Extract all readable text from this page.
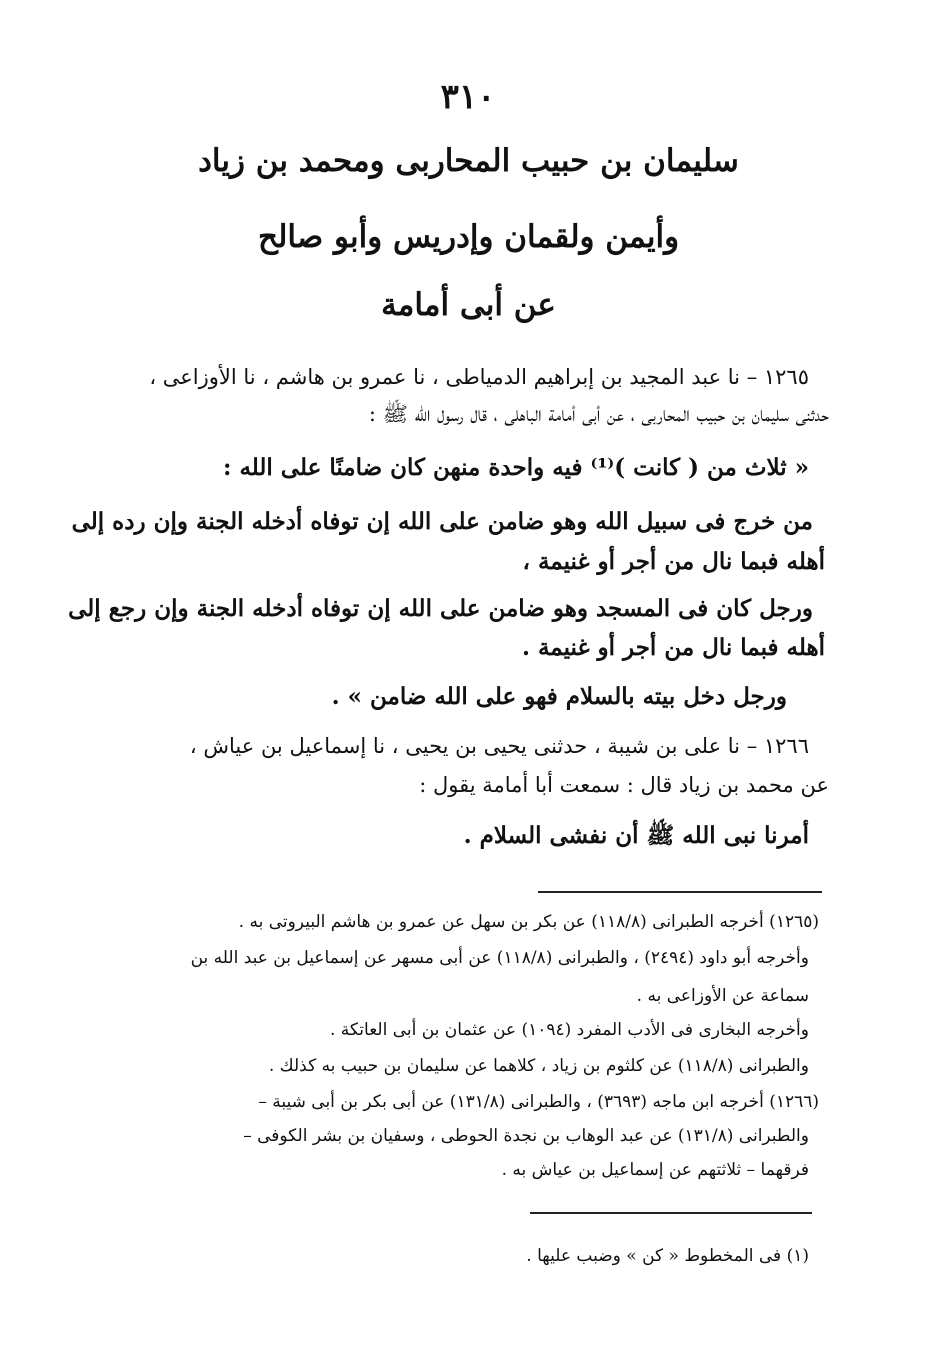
٣١٠
سليمان بن حبيب المحاربى ومحمد بن زياد
وأيمن ولقمان وإدريس وأبو صالح
عن أبى أمامة
١٢٦٥ – نا عبد المجيد بن إبراهيم الدمياطى ، نا عمرو بن هاشم ، نا الأوزاعى ،
حدثنى سليمان بن حبيب المحاربى ، عن أبى أمامة الباهلى ، قال رسول الله ﷺ :
« ثلاث من ( كانت )⁽¹⁾ فيه واحدة منهن كان ضامنًا على الله :
من خرج فى سبيل الله وهو ضامن على الله إن توفاه أدخله الجنة وإن رده إلى
أهله فبما نال من أجر أو غنيمة ،
ورجل كان فى المسجد وهو ضامن على الله إن توفاه أدخله الجنة وإن رجع إلى
أهله فبما نال من أجر أو غنيمة .
ورجل دخل بيته بالسلام فهو على الله ضامن » .
١٢٦٦ – نا على بن شيبة ، حدثنى يحيى بن يحيى ، نا إسماعيل بن عياش ،
عن محمد بن زياد قال : سمعت أبا أمامة يقول :
أمرنا نبى الله ﷺ أن نفشى السلام .
(١٢٦٥) أخرجه الطبرانى (١١٨/٨) عن بكر بن سهل عن عمرو بن هاشم البيروتى به .
وأخرجه أبو داود (٢٤٩٤) ، والطبرانى (١١٨/٨) عن أبى مسهر عن إسماعيل بن عبد الله بن
سماعة عن الأوزاعى به .
وأخرجه البخارى فى الأدب المفرد (١٠٩٤) عن عثمان بن أبى العاتكة .
والطبرانى (١١٨/٨) عن كلثوم بن زياد ، كلاهما عن سليمان بن حبيب به كذلك .
(١٢٦٦) أخرجه ابن ماجه (٣٦٩٣) ، والطبرانى (١٣١/٨) عن أبى بكر بن أبى شيبة –
والطبرانى (١٣١/٨) عن عبد الوهاب بن نجدة الحوطى ، وسفيان بن بشر الكوفى –
فرقهما – ثلاثتهم عن إسماعيل بن عياش به .
(١) فى المخطوط « كن » وضبب عليها .
